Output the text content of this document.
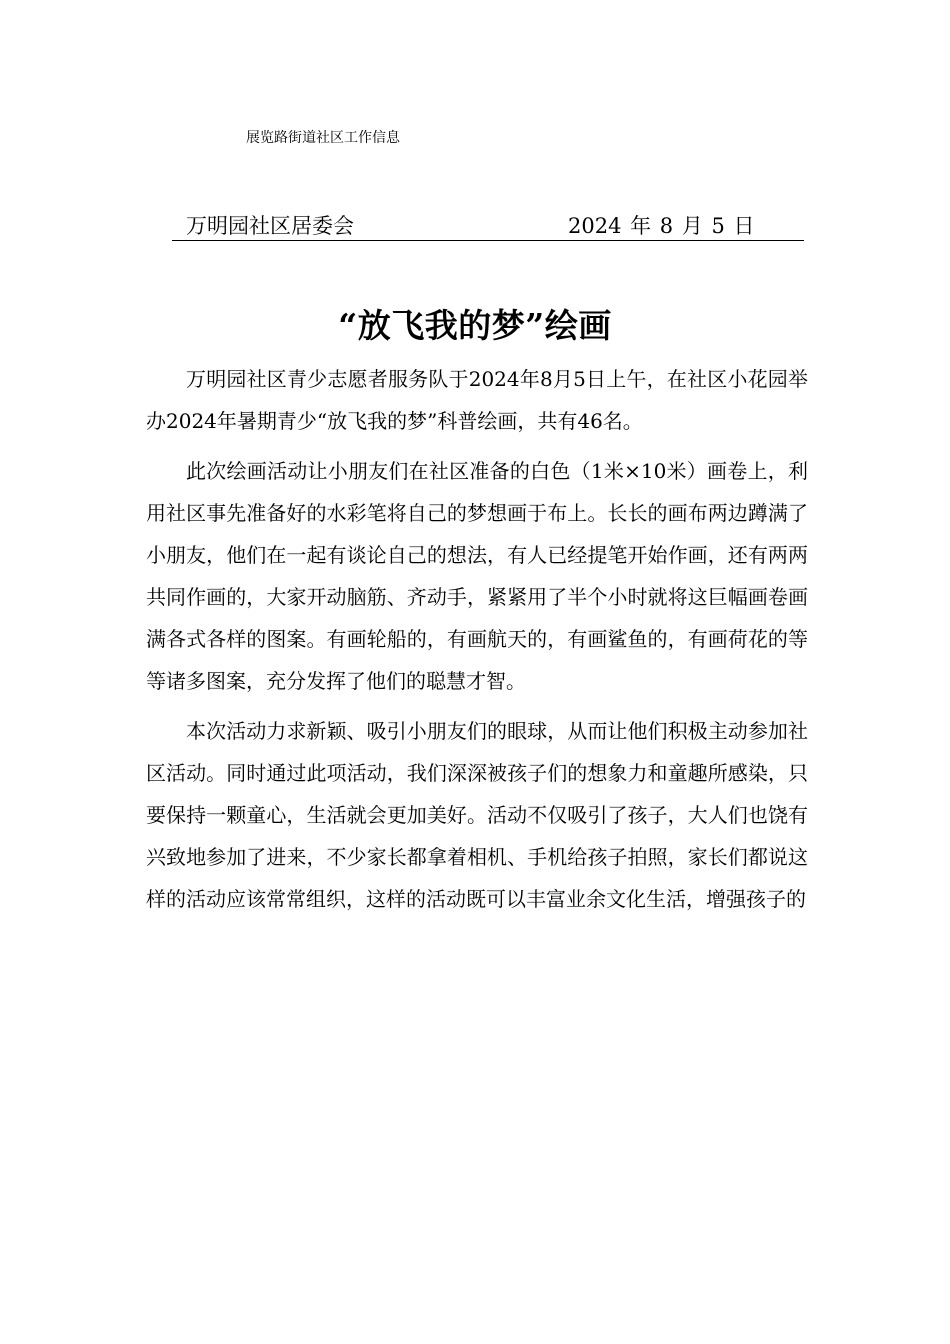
展览路街道社区工作信息
万明园社区居委会	2024 年 8 月 5 日
“放飞我的梦”绘画

万明园社区青少志愿者服务队于2024年8月5日上午，在社区小花园举办2024年暑期青少“放飞我的梦”科普绘画，共有46名。

此次绘画活动让小朋友们在社区准备的白色（1米×10米）画卷上，利用社区事先准备好的水彩笔将自己的梦想画于布上。长长的画布两边蹲满了小朋友，他们在一起有谈论自己的想法，有人已经提笔开始作画，还有两两共同作画的，大家开动脑筋、齐动手，紧紧用了半个小时就将这巨幅画卷画满各式各样的图案。有画轮船的，有画航天的，有画鲨鱼的，有画荷花的等等诸多图案，充分发挥了他们的聪慧才智。

本次活动力求新颖、吸引小朋友们的眼球，从而让他们积极主动参加社区活动。同时通过此项活动，我们深深被孩子们的想象力和童趣所感染，只要保持一颗童心，生活就会更加美好。活动不仅吸引了孩子，大人们也饶有兴致地参加了进来，不少家长都拿着相机、手机给孩子拍照，家长们都说这样的活动应该常常组织，这样的活动既可以丰富业余文化生活，增强孩子的
